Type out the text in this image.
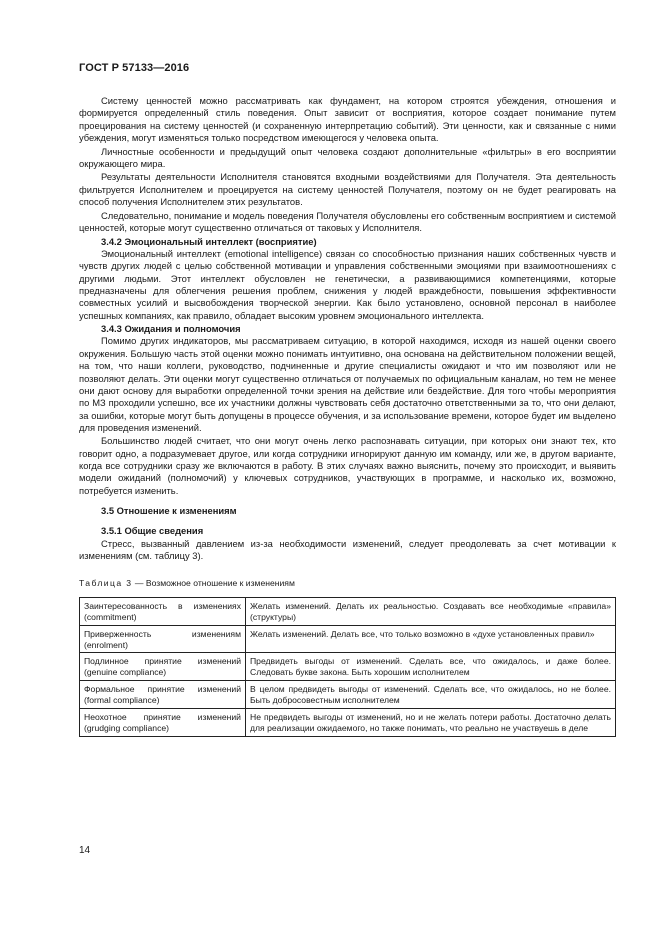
ГОСТ Р 57133—2016

Систему ценностей можно рассматривать как фундамент, на котором строятся убеждения, отношения и формируется определенный стиль поведения. Опыт зависит от восприятия, которое создает понимание путем проецирования на систему ценностей (и сохраненную интерпретацию событий). Эти ценности, как и связанные с ними убеждения, могут изменяться только посредством имеющегося у человека опыта.

Личностные особенности и предыдущий опыт человека создают дополнительные «фильтры» в его восприятии окружающего мира.

Результаты деятельности Исполнителя становятся входными воздействиями для Получателя. Эта деятельность фильтруется Исполнителем и проецируется на систему ценностей Получателя, поэтому он не будет реагировать на способ получения Исполнителем этих результатов.

Следовательно, понимание и модель поведения Получателя обусловлены его собственным восприятием и системой ценностей, которые могут существенно отличаться от таковых у Исполнителя.

3.4.2 Эмоциональный интеллект (восприятие)

Эмоциональный интеллект (emotional intelligence) связан со способностью признания наших собственных чувств и чувств других людей с целью собственной мотивации и управления собственными эмоциями при взаимоотношениях с другими людьми. Этот интеллект обусловлен не генетически, а развивающимися компетенциями, которые предназначены для облегчения решения проблем, снижения у людей враждебности, повышения эффективности совместных усилий и высвобождения творческой энергии. Как было установлено, основной персонал в наиболее успешных компаниях, как правило, обладает высоким уровнем эмоционального интеллекта.

3.4.3 Ожидания и полномочия

Помимо других индикаторов, мы рассматриваем ситуацию, в которой находимся, исходя из нашей оценки своего окружения. Большую часть этой оценки можно понимать интуитивно, она основана на действительном положении вещей, на том, что наши коллеги, руководство, подчиненные и другие специалисты ожидают и что им позволяют или не позволяют делать. Эти оценки могут существенно отличаться от получаемых по официальным каналам, но тем не менее они дают основу для выработки определенной точки зрения на действие или бездействие. Для того чтобы мероприятия по МЗ проходили успешно, все их участники должны чувствовать себя достаточно ответственными за то, что они делают, за ошибки, которые могут быть допущены в процессе обучения, и за использование времени, которое будет им выделено для проведения изменений.

Большинство людей считает, что они могут очень легко распознавать ситуации, при которых они знают тех, кто говорит одно, а подразумевает другое, или когда сотрудники игнорируют данную им команду, или же, в другом варианте, когда все сотрудники сразу же включаются в работу. В этих случаях важно выяснить, почему это происходит, и выявить модели ожиданий (полномочий) у ключевых сотрудников, участвующих в программе, и насколько их, возможно, потребуется изменить.

3.5 Отношение к изменениям
3.5.1 Общие сведения

Стресс, вызванный давлением из-за необходимости изменений, следует преодолевать за счет мотивации к изменениям (см. таблицу 3).

Таблица 3 — Возможное отношение к изменениям
Заинтересованность в изменениях (commitment)	Желать изменений. Делать их реальностью. Создавать все необходимые «правила» (структуры)
Приверженность изменениям (enrolment)	Желать изменений. Делать все, что только возможно в «духе установленных правил»
Подлинное принятие изменений (genuine compliance)	Предвидеть выгоды от изменений. Сделать все, что ожидалось, и даже более. Следовать букве закона. Быть хорошим исполнителем
Формальное принятие изменений (formal compliance)	В целом предвидеть выгоды от изменений. Сделать все, что ожидалось, но не более. Быть добросовестным исполнителем
Неохотное принятие изменений (grudging compliance)	Не предвидеть выгоды от изменений, но и не желать потери работы. Достаточно делать для реализации ожидаемого, но также понимать, что реально не участвуешь в деле
14
